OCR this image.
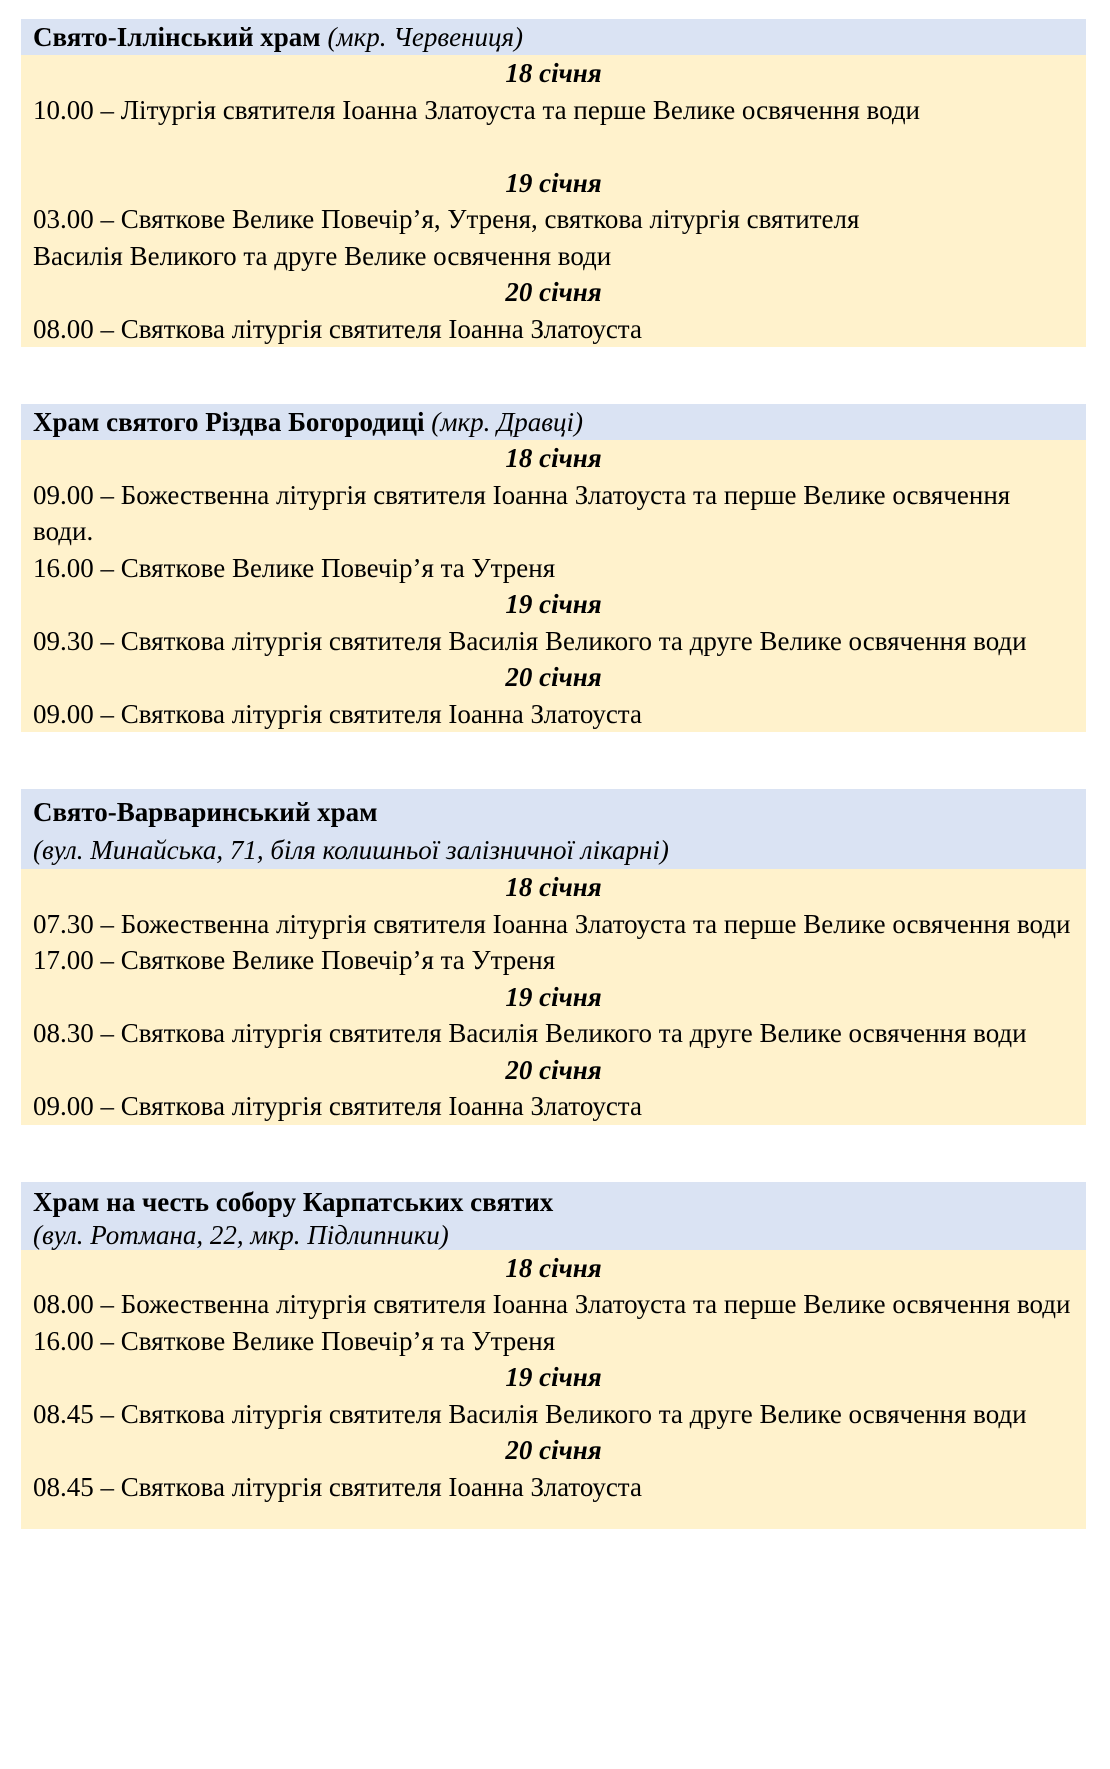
Свято-Іллінський храм (мкр. Червениця)
18 січня
10.00 – Літургія святителя Іоанна Златоуста та перше Велике освячення води
19 січня
03.00 – Святкове Велике Повечір’я, Утреня, святкова літургія святителя Василія Великого та друге Велике освячення води
20 січня
08.00 – Святкова літургія святителя Іоанна Златоуста
Храм святого Різдва Богородиці (мкр. Дравці)
18 січня
09.00 – Божественна літургія святителя Іоанна Златоуста та перше Велике освячення води.
16.00 – Святкове Велике Повечір’я та Утреня
19 січня
09.30 – Святкова літургія святителя Василія Великого та друге Велике освячення води
20 січня
09.00 – Святкова літургія святителя Іоанна Златоуста
Свято-Варваринський храм
(вул. Минайська, 71, біля колишньої залізничної лікарні)
18 січня
07.30 – Божественна літургія святителя Іоанна Златоуста та перше Велике освячення води
17.00 – Святкове Велике Повечір’я та Утреня
19 січня
08.30 – Святкова літургія святителя Василія Великого та друге Велике освячення води
20 січня
09.00 – Святкова літургія святителя Іоанна Златоуста
Храм на честь собору Карпатських святих
(вул. Ротмана, 22, мкр. Підлипники)
18 січня
08.00 – Божественна літургія святителя Іоанна Златоуста та перше Велике освячення води
16.00 – Святкове Велике Повечір’я та Утреня
19 січня
08.45 – Святкова літургія святителя Василія Великого та друге Велике освячення води
20 січня
08.45 – Святкова літургія святителя Іоанна Златоуста
